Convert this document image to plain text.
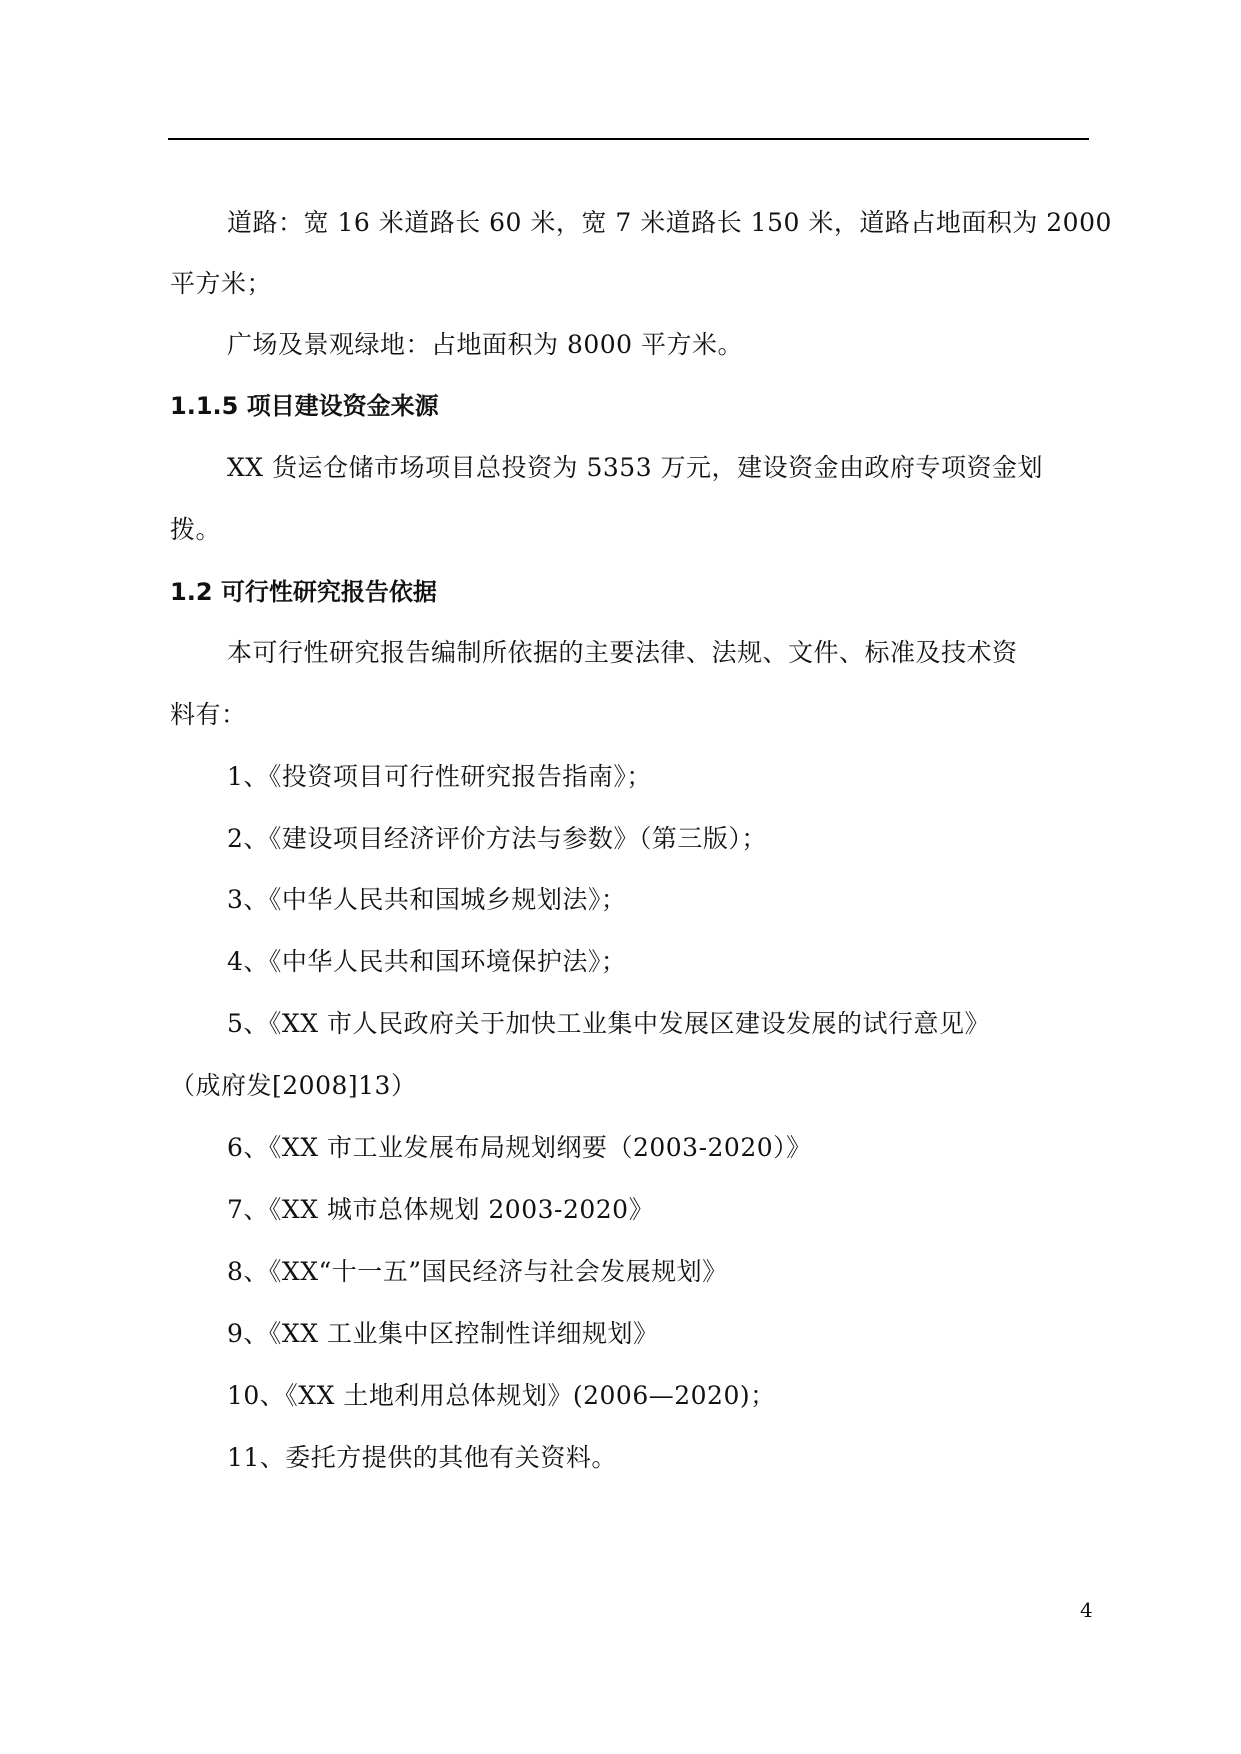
道路：宽 16 米道路长 60 米，宽 7 米道路长 150 米，道路占地面积为 2000
平方米；
广场及景观绿地：占地面积为 8000 平方米。
1.1.5 项目建设资金来源
XX 货运仓储市场项目总投资为 5353 万元，建设资金由政府专项资金划
拨。
1.2 可行性研究报告依据
本可行性研究报告编制所依据的主要法律、法规、文件、标准及技术资
料有：
1、《投资项目可行性研究报告指南》；
2、《建设项目经济评价方法与参数》（第三版）；
3、《中华人民共和国城乡规划法》；
4、《中华人民共和国环境保护法》；
5、《XX 市人民政府关于加快工业集中发展区建设发展的试行意见》
（成府发[2008]13）
6、《XX 市工业发展布局规划纲要（2003-2020）》
7、《XX 城市总体规划 2003-2020》
8、《XX“十一五”国民经济与社会发展规划》
9、《XX 工业集中区控制性详细规划》
10、《XX 土地利用总体规划》(2006—2020)；
11、委托方提供的其他有关资料。
4
